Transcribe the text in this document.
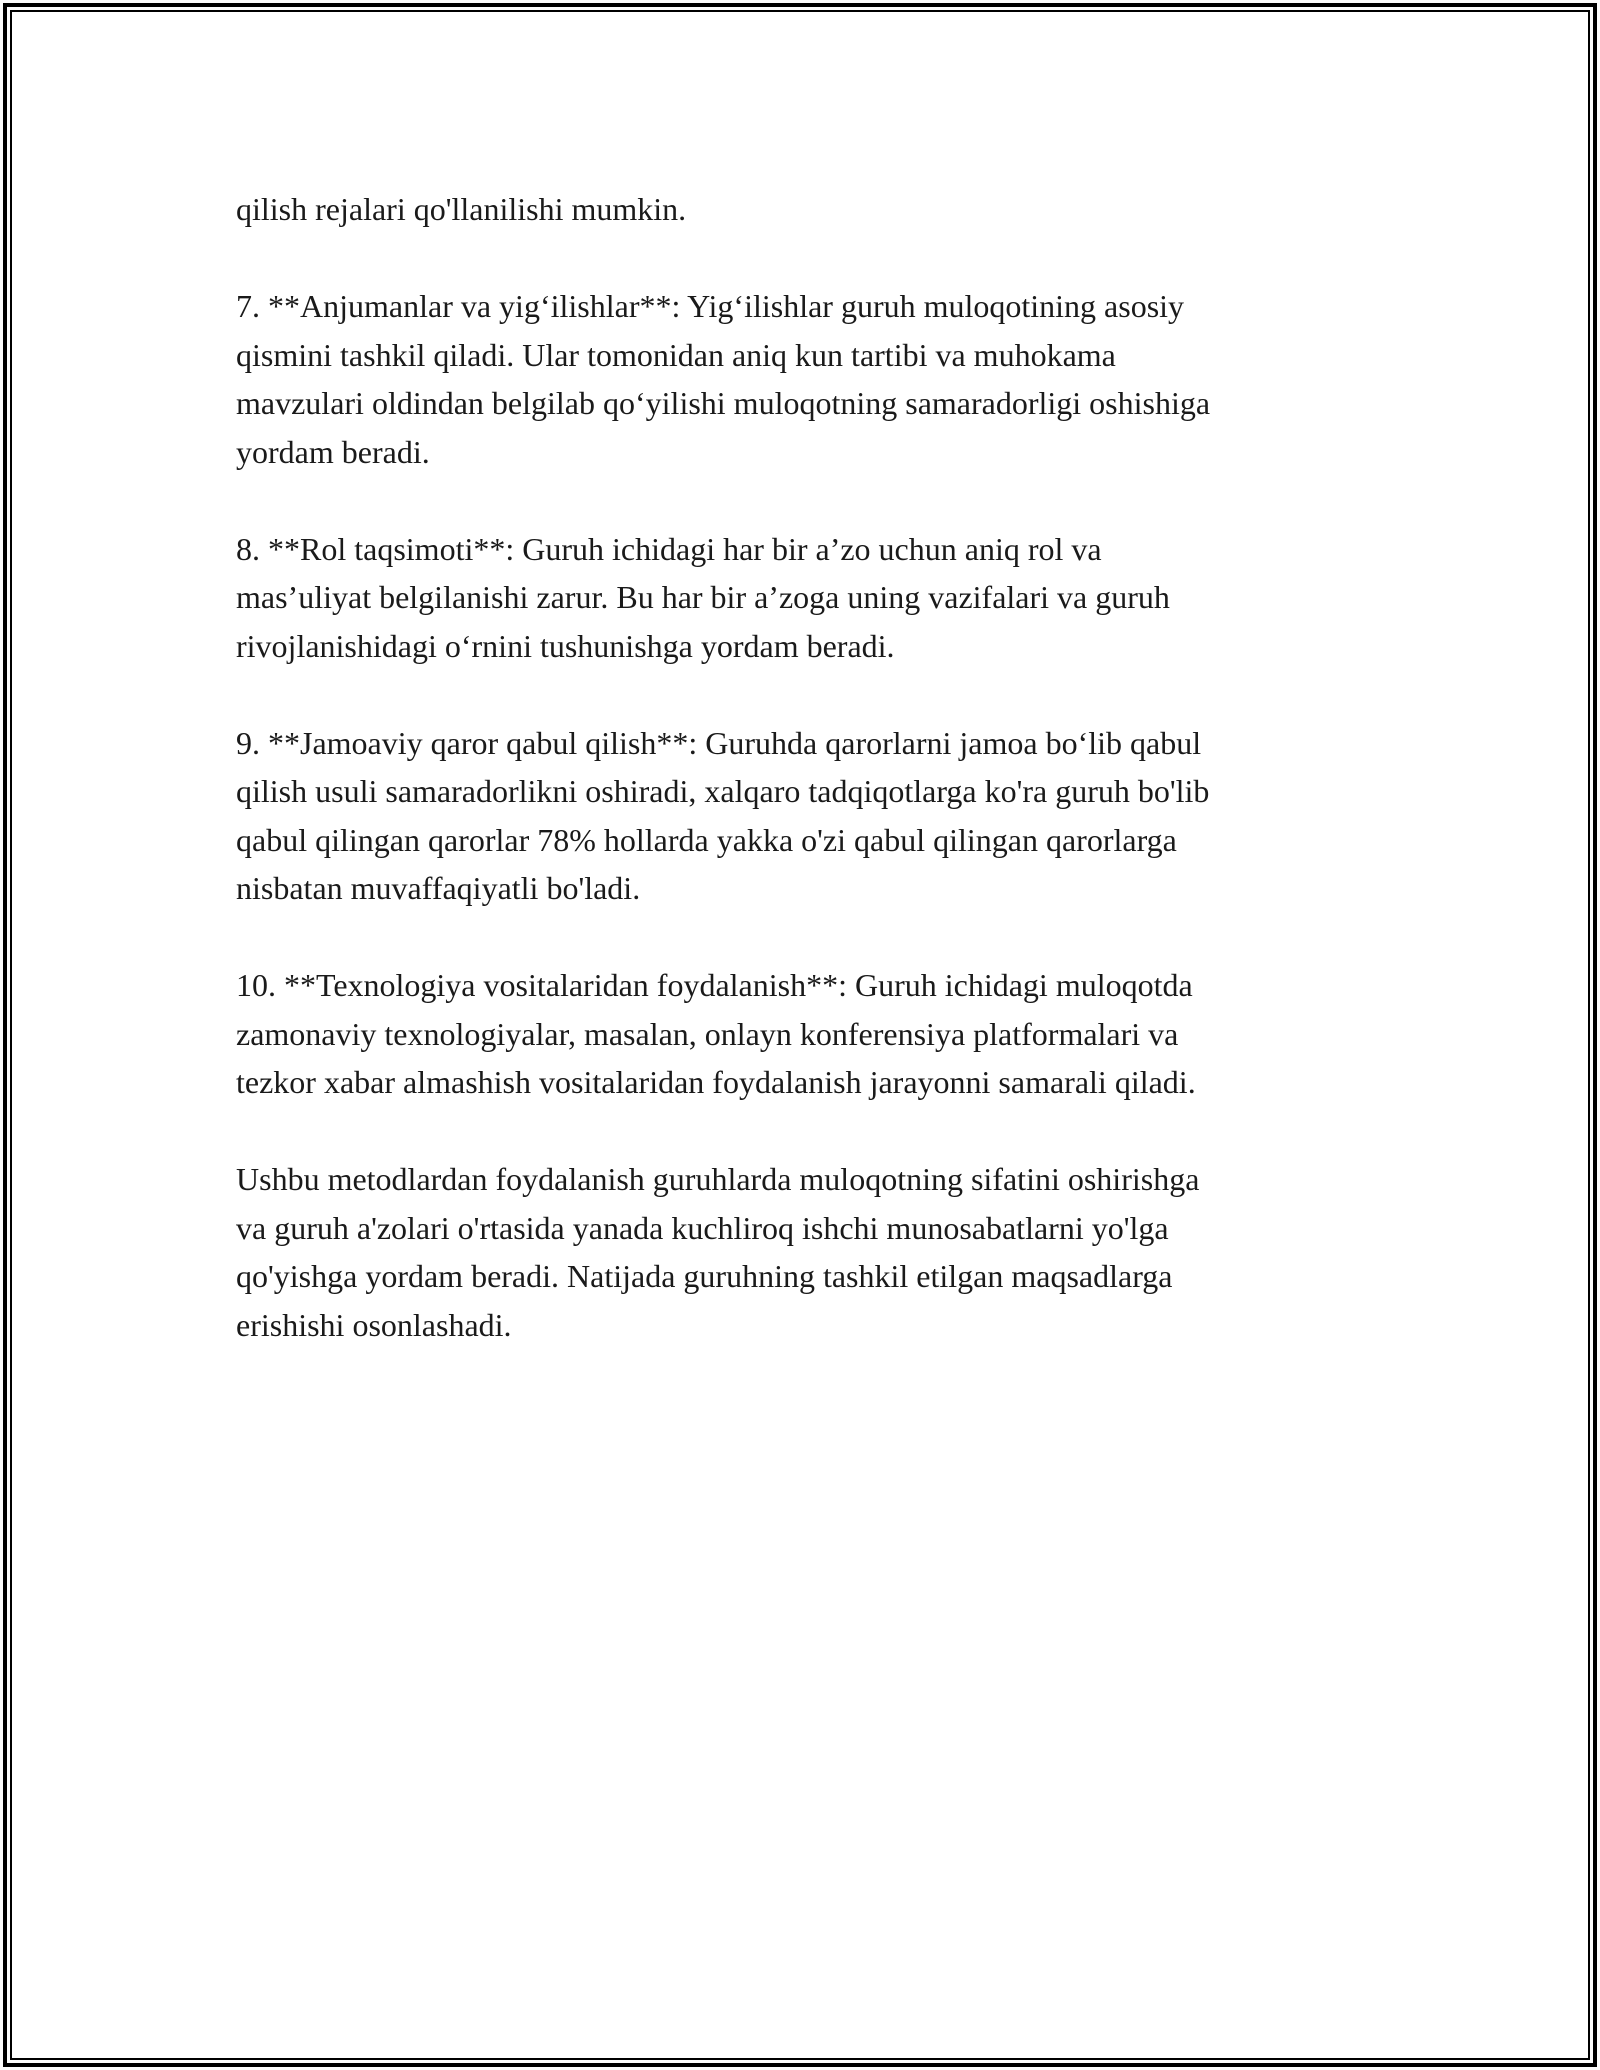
qilish rejalari qo'llanilishi mumkin.

7. **Anjumanlar va yig‘ilishlar**: Yig‘ilishlar guruh muloqotining asosiy
qismini tashkil qiladi. Ular tomonidan aniq kun tartibi va muhokama
mavzulari oldindan belgilab qo‘yilishi muloqotning samaradorligi oshishiga
yordam beradi.

8. **Rol taqsimoti**: Guruh ichidagi har bir a’zo uchun aniq rol va
mas’uliyat belgilanishi zarur. Bu har bir a’zoga uning vazifalari va guruh
rivojlanishidagi o‘rnini tushunishga yordam beradi.

9. **Jamoaviy qaror qabul qilish**: Guruhda qarorlarni jamoa bo‘lib qabul
qilish usuli samaradorlikni oshiradi, xalqaro tadqiqotlarga ko'ra guruh bo'lib
qabul qilingan qarorlar 78% hollarda yakka o'zi qabul qilingan qarorlarga
nisbatan muvaffaqiyatli bo'ladi.

10. **Texnologiya vositalaridan foydalanish**: Guruh ichidagi muloqotda
zamonaviy texnologiyalar, masalan, onlayn konferensiya platformalari va
tezkor xabar almashish vositalaridan foydalanish jarayonni samarali qiladi.

Ushbu metodlardan foydalanish guruhlarda muloqotning sifatini oshirishga
va guruh a'zolari o'rtasida yanada kuchliroq ishchi munosabatlarni yo'lga
qo'yishga yordam beradi. Natijada guruhning tashkil etilgan maqsadlarga
erishishi osonlashadi.
